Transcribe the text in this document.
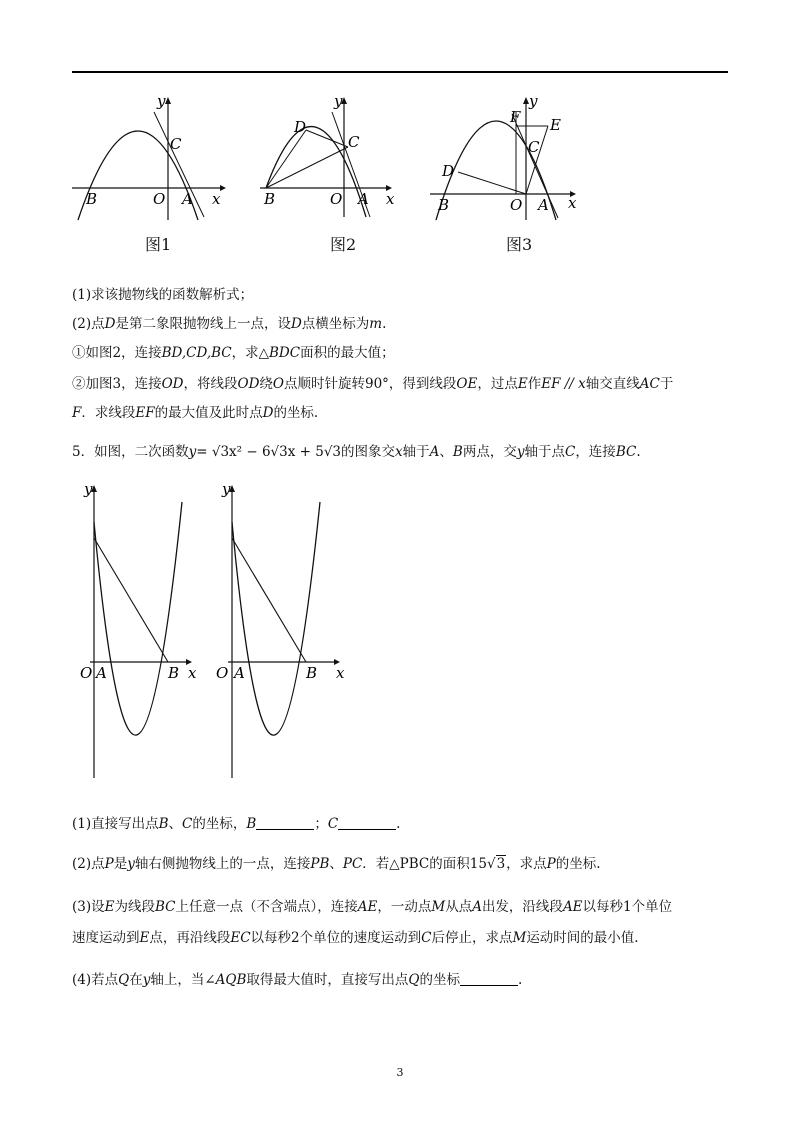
y
x
B	O A
C
图1
y
x
B	O A
C
D
图2
y
x
B	O A
C
D
E
F
图3
(1)求该抛物线的函数解析式；
(2)点D是第二象限抛物线上一点，设D点横坐标为m.
①如图2，连接BD,CD,BC，求△BDC面积的最大值；
②加图3，连接OD，将线段OD绕O点顺时针旋转90°，得到线段OE，过点E作EF // x轴交直线AC于
F．求线段EF的最大值及此时点D的坐标.
5．如图，二次函数y= √3x² − 6√3x + 5√3的图象交x轴于A、B两点，交y轴于点C，连接BC.
y
x
O A	B
y
x
O A	B
(1)直接写出点B、C的坐标，B	；C	.
(2)点P是y轴右侧抛物线上的一点，连接PB、PC．若△PBC的面积15√3，求点P的坐标.
(3)设E为线段BC上任意一点（不含端点），连接AE，一动点M从点A出发，沿线段AE以每秒1个单位
速度运动到E点，再沿线段EC以每秒2个单位的速度运动到C后停止，求点M运动时间的最小值.
(4)若点Q在y轴上，当∠AQB取得最大值时，直接写出点Q的坐标	.
3
